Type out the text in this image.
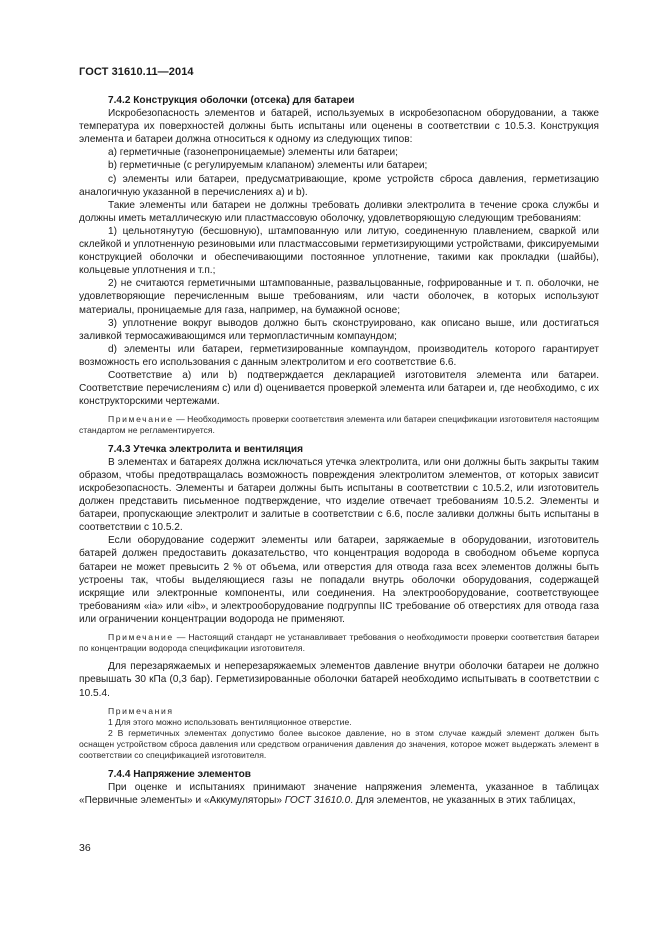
ГОСТ 31610.11—2014

7.4.2 Конструкция оболочки (отсека) для батареи

Искробезопасность элементов и батарей, используемых в искробезопасном оборудовании, а также температура их поверхностей должны быть испытаны или оценены в соответствии с 10.5.3. Конструкция элемента и батареи должна относиться к одному из следующих типов:

a) герметичные (газонепроницаемые) элементы или батареи;

b) герметичные (с регулируемым клапаном) элементы или батареи;

c) элементы или батареи, предусматривающие, кроме устройств сброса давления, герметизацию аналогичную указанной в перечислениях a) и b).

Такие элементы или батареи не должны требовать доливки электролита в течение срока службы и должны иметь металлическую или пластмассовую оболочку, удовлетворяющую следующим требованиям:

1) цельнотянутую (бесшовную), штампованную или литую, соединенную плавлением, сваркой или склейкой и уплотненную резиновыми или пластмассовыми герметизирующими устройствами, фиксируемыми конструкцией оболочки и обеспечивающими постоянное уплотнение, такими как прокладки (шайбы), кольцевые уплотнения и т.п.;

2) не считаются герметичными штампованные, развальцованные, гофрированные и т. п. оболочки, не удовлетворяющие перечисленным выше требованиям, или части оболочек, в которых используют материалы, проницаемые для газа, например, на бумажной основе;

3) уплотнение вокруг выводов должно быть сконструировано, как описано выше, или достигаться заливкой термосаживающимся или термопластичным компаундом;

d) элементы или батареи, герметизированные компаундом, производитель которого гарантирует возможность его использования с данным электролитом и его соответствие 6.6.

Соответствие a) или b) подтверждается декларацией изготовителя элемента или батареи. Соответствие перечислениям c) или d) оценивается проверкой элемента или батареи и, где необходимо, с их конструкторскими чертежами.

Примечание — Необходимость проверки соответствия элемента или батареи спецификации изготовителя настоящим стандартом не регламентируется.

7.4.3 Утечка электролита и вентиляция

В элементах и батареях должна исключаться утечка электролита, или они должны быть закрыты таким образом, чтобы предотвращалась возможность повреждения электролитом элементов, от которых зависит искробезопасность. Элементы и батареи должны быть испытаны в соответствии с 10.5.2, или изготовитель должен представить письменное подтверждение, что изделие отвечает требованиям 10.5.2. Элементы и батареи, пропускающие электролит и залитые в соответствии с 6.6, после заливки должны быть испытаны в соответствии с 10.5.2.

Если оборудование содержит элементы или батареи, заряжаемые в оборудовании, изготовитель батарей должен предоставить доказательство, что концентрация водорода в свободном объеме корпуса батареи не может превысить 2 % от объема, или отверстия для отвода газа всех элементов должны быть устроены так, чтобы выделяющиеся газы не попадали внутрь оболочки оборудования, содержащей искрящие или электронные компоненты, или соединения. На электрооборудование, соответствующее требованиям «ia» или «ib», и электрооборудование подгруппы IIC требование об отверстиях для отвода газа или ограничении концентрации водорода не применяют.

Примечание — Настоящий стандарт не устанавливает требования о необходимости проверки соответствия батареи по концентрации водорода спецификации изготовителя.

Для перезаряжаемых и неперезаряжаемых элементов давление внутри оболочки батареи не должно превышать 30 кПа (0,3 бар). Герметизированные оболочки батарей необходимо испытывать в соответствии с 10.5.4.

Примечания

1 Для этого можно использовать вентиляционное отверстие.

2 В герметичных элементах допустимо более высокое давление, но в этом случае каждый элемент должен быть оснащен устройством сброса давления или средством ограничения давления до значения, которое может выдержать элемент в соответствии со спецификацией изготовителя.

7.4.4 Напряжение элементов

При оценке и испытаниях принимают значение напряжения элемента, указанное в таблицах «Первичные элементы» и «Аккумуляторы» ГОСТ 31610.0. Для элементов, не указанных в этих таблицах,

36
